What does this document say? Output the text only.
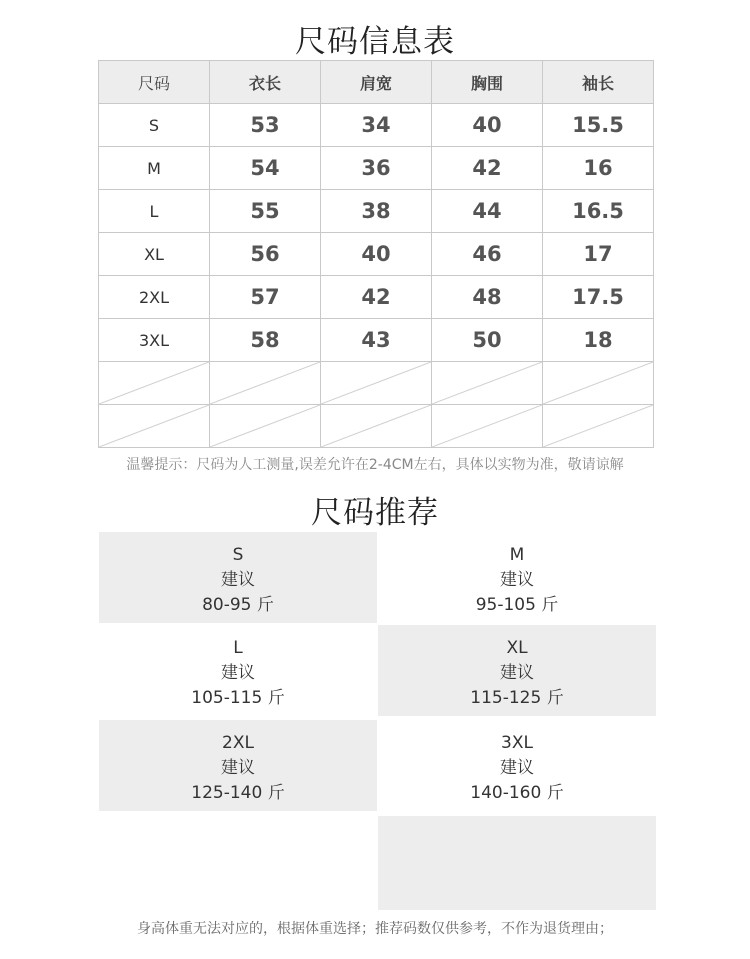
尺码信息表
尺码	衣长	肩宽	胸围	袖长
S	53	34	40	15.5
M	54	36	42	16
L	55	38	44	16.5
XL	56	40	46	17
2XL	57	42	48	17.5
3XL	58	43	50	18

温馨提示：尺码为人工测量,误差允许在2-4CM左右，具体以实物为准，敬请谅解
尺码推荐
S
建议
80-95 斤
M
建议
95-105 斤
L
建议
105-115 斤
XL
建议
115-125 斤
2XL
建议
125-140 斤
3XL
建议
140-160 斤
身高体重无法对应的，根据体重选择；推荐码数仅供参考，不作为退货理由；
